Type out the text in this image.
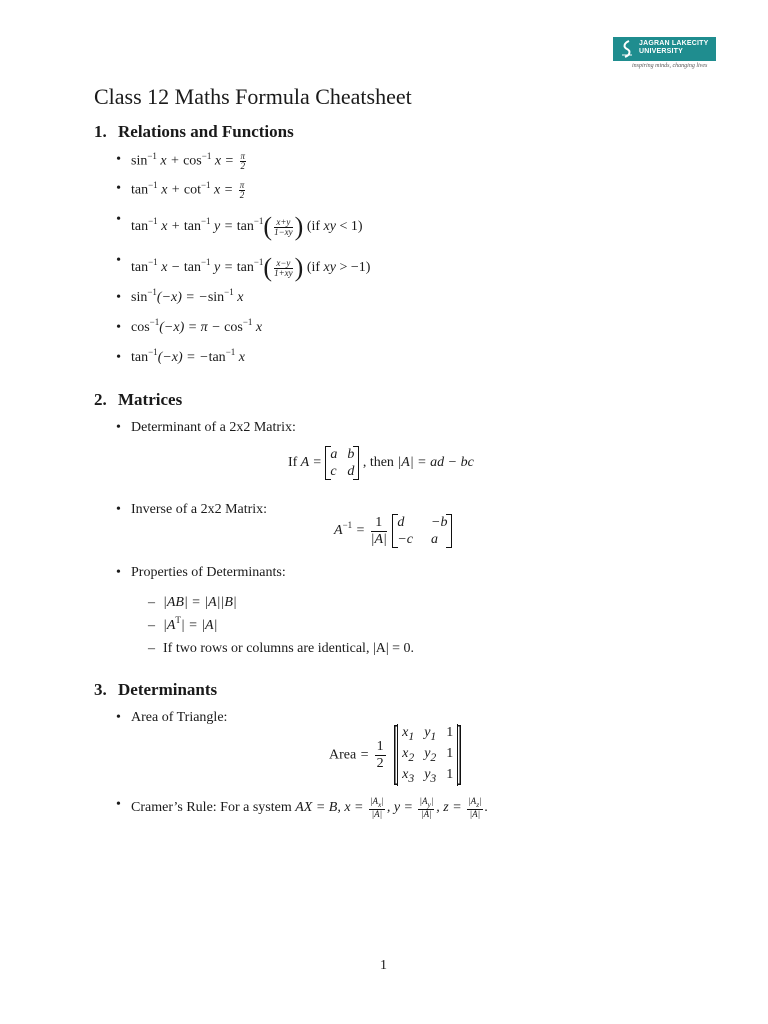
JAGRAN LAKECITY
UNIVERSITY
inspiring minds, changing lives
Class 12 Maths Formula Cheatsheet
1. Relations and Functions
• $\sin^{-1} x + \cos^{-1} x = \frac{\pi}{2}$
• $\tan^{-1} x + \cot^{-1} x = \frac{\pi}{2}$
• $\tan^{-1} x + \tan^{-1} y = \tan^{-1}( \frac{x+y}{1-xy}$ ) (if xy < 1)
• $\tan^{-1} x - \tan^{-1} y = \tan^{-1}( \frac{x-y}{1+xy}$ ) (if xy > −1)
• $\sin^{-1}(-x) = -\sin^{-1}$ x
• $\cos^{-1}(-x) = \pi - \cos^{-1} x$
• $\tan^{-1}(-x) = -\tan^{-1}$ x
2. Matrices
• Determinant of a 2x2 Matrix:
If A =
a b
c d
, then |A| = ad − bc
• Inverse of a 2x2 Matrix:
$A^{-1} = \frac{1}{|A|}$
d	−b
−c a
• Properties of Determinants:
– |AB| = |A||B|
– $|A^T| = |A|$
– If two rows or columns are identical, |A| = 0.
3. Determinants
• Area of Triangle:
Area = $\frac{1}{2}$

$x_1$ $y_1$ 1
$x_2$ $y_2$ 1
$x_3$ $y_3$ 1
• Cramer’s Rule: For a system AX = B, $x = \frac{|A_x|}{|A|}$ , $y = \frac{|A_y|}{|A|}$ , $z = \frac{|A_z|}{|A|}$ .
1
